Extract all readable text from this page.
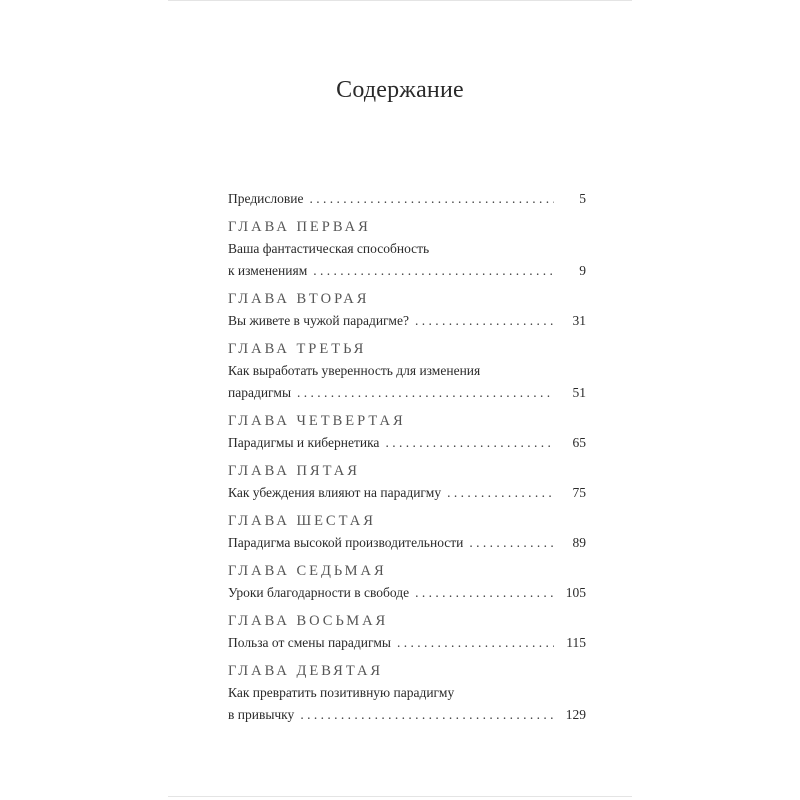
Содержание
Предисловие . . .	5
ГЛАВА ПЕРВАЯ
Ваша фантастическая способность
к изменениям . . .	9
ГЛАВА ВТОРАЯ
Вы живете в чужой парадигме? . . .	31
ГЛАВА ТРЕТЬЯ
Как выработать уверенность для изменения
парадигмы . . .	51
ГЛАВА ЧЕТВЕРТАЯ
Парадигмы и кибернетика . . .	65
ГЛАВА ПЯТАЯ
Как убеждения влияют на парадигму . . .	75
ГЛАВА ШЕСТАЯ
Парадигма высокой производительности . . .	89
ГЛАВА СЕДЬМАЯ
Уроки благодарности в свободе . . .	105
ГЛАВА ВОСЬМАЯ
Польза от смены парадигмы . . .	115
ГЛАВА ДЕВЯТАЯ
Как превратить позитивную парадигму
в привычку . . .	129
